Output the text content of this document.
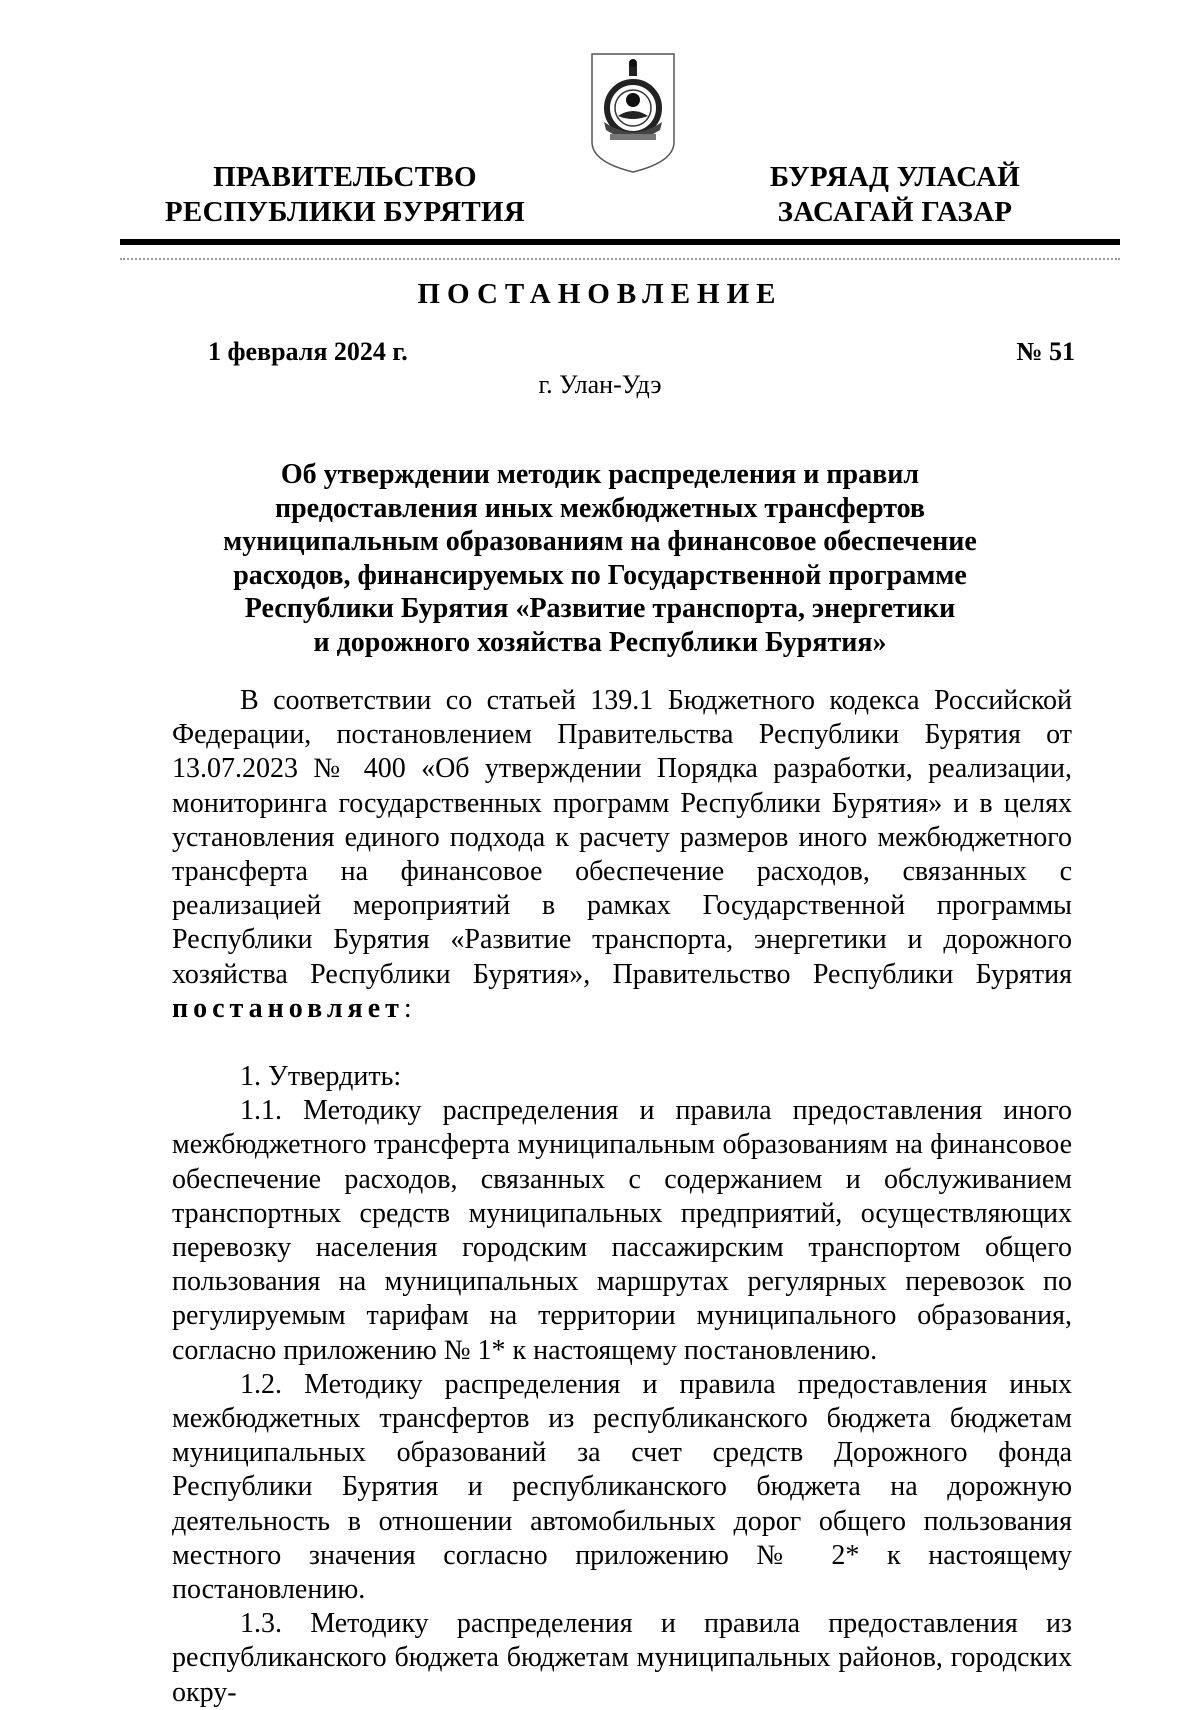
ПРАВИТЕЛЬСТВО
РЕСПУБЛИКИ БУРЯТИЯ
БУРЯАД УЛАСАЙ
ЗАСАГАЙ ГАЗАР
ПОСТАНОВЛЕНИЕ
1 февраля 2024 г.	№ 51
г. Улан-Удэ
Об утверждении методик распределения и правил
предоставления иных межбюджетных трансфертов
муниципальным образованиям на финансовое обеспечение
расходов, финансируемых по Государственной программе
Республики Бурятия «Развитие транспорта, энергетики
и дорожного хозяйства Республики Бурятия»

В соответствии со статьей 139.1 Бюджетного кодекса Российской Федерации, постановлением Правительства Республики Бурятия от 13.07.2023 № 400 «Об утверждении Порядка разработки, реализации, мониторинга государственных программ Республики Бурятия» и в целях установления единого подхода к расчету размеров иного межбюджетного трансферта на финансовое обеспечение расходов, связанных с реализацией мероприятий в рамках Государственной программы Республики Бурятия «Развитие транспорта, энергетики и дорожного хозяйства Республики Бурятия», Правительство Республики Бурятия постановляет:

1. Утвердить:

1.1. Методику распределения и правила предоставления иного межбюджетного трансферта муниципальным образованиям на финансовое обеспечение расходов, связанных с содержанием и обслуживанием транспортных средств муниципальных предприятий, осуществляющих перевозку населения городским пассажирским транспортом общего пользования на муниципальных маршрутах регулярных перевозок по регулируемым тарифам на территории муниципального образования, согласно приложению № 1* к настоящему постановлению.

1.2. Методику распределения и правила предоставления иных межбюджетных трансфертов из республиканского бюджета бюджетам муниципальных образований за счет средств Дорожного фонда Республики Бурятия и республиканского бюджета на дорожную деятельность в отношении автомобильных дорог общего пользования местного значения согласно приложению № 2* к настоящему постановлению.

1.3. Методику распределения и правила предоставления из республиканского бюджета бюджетам муниципальных районов, городских окру-
